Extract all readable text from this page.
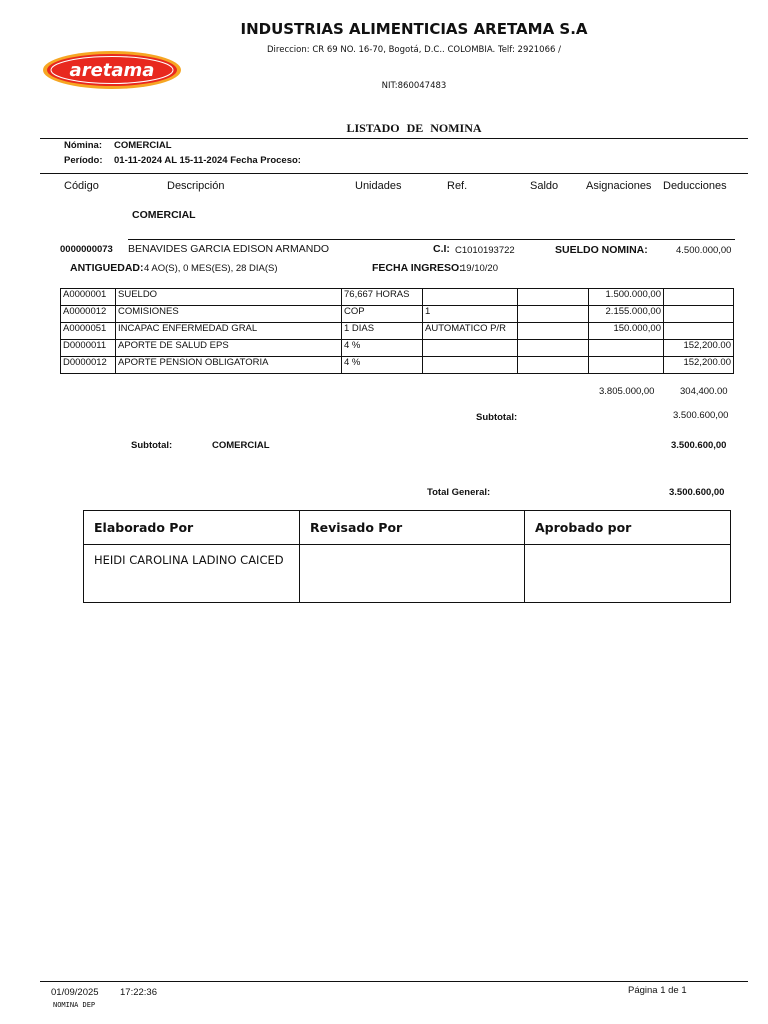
INDUSTRIAS ALIMENTICIAS ARETAMA S.A
Direccion: CR 69 NO. 16-70, Bogotá, D.C.. COLOMBIA. Telf: 2921066 /
NIT:860047483
aretama
LISTADO DE NOMINA
Nómina: COMERCIAL
Período: 01-11-2024 AL 15-11-2024 Fecha Proceso:
Código	Descripción	Unidades	Ref.	Saldo	Asignaciones Deducciones
COMERCIAL
0000000073 BENAVIDES GARCIA EDISON ARMANDO	C.I: C1010193722	SUELDO NOMINA:	4.500.000,00
ANTIGUEDAD: 4 AO(S), 0 MES(ES), 28 DIA(S)	FECHA INGRESO:
19/10/20
A0000001	SUELDO	76,667 HORAS			1.500.000,00	
A0000012	COMISIONES	COP	1		2.155.000,00	
A0000051	INCAPAC ENFERMEDAD GRAL	1 DIAS	AUTOMATICO P/R		150.000,00	
D0000011	APORTE DE SALUD EPS	4 %				152,200.00
D0000012	APORTE PENSION OBLIGATORIA	4 %				152,200.00
3.805.000,00	304,400.00
Subtotal:	3.500.600,00
Subtotal:	COMERCIAL	3.500.600,00
Total General:	3.500.600,00
Elaborado Por	Revisado Por	Aprobado por
HEIDI CAROLINA LADINO CAICED		
01/09/2025 17:22:36
NOMINA DEP
Página 1 de 1
